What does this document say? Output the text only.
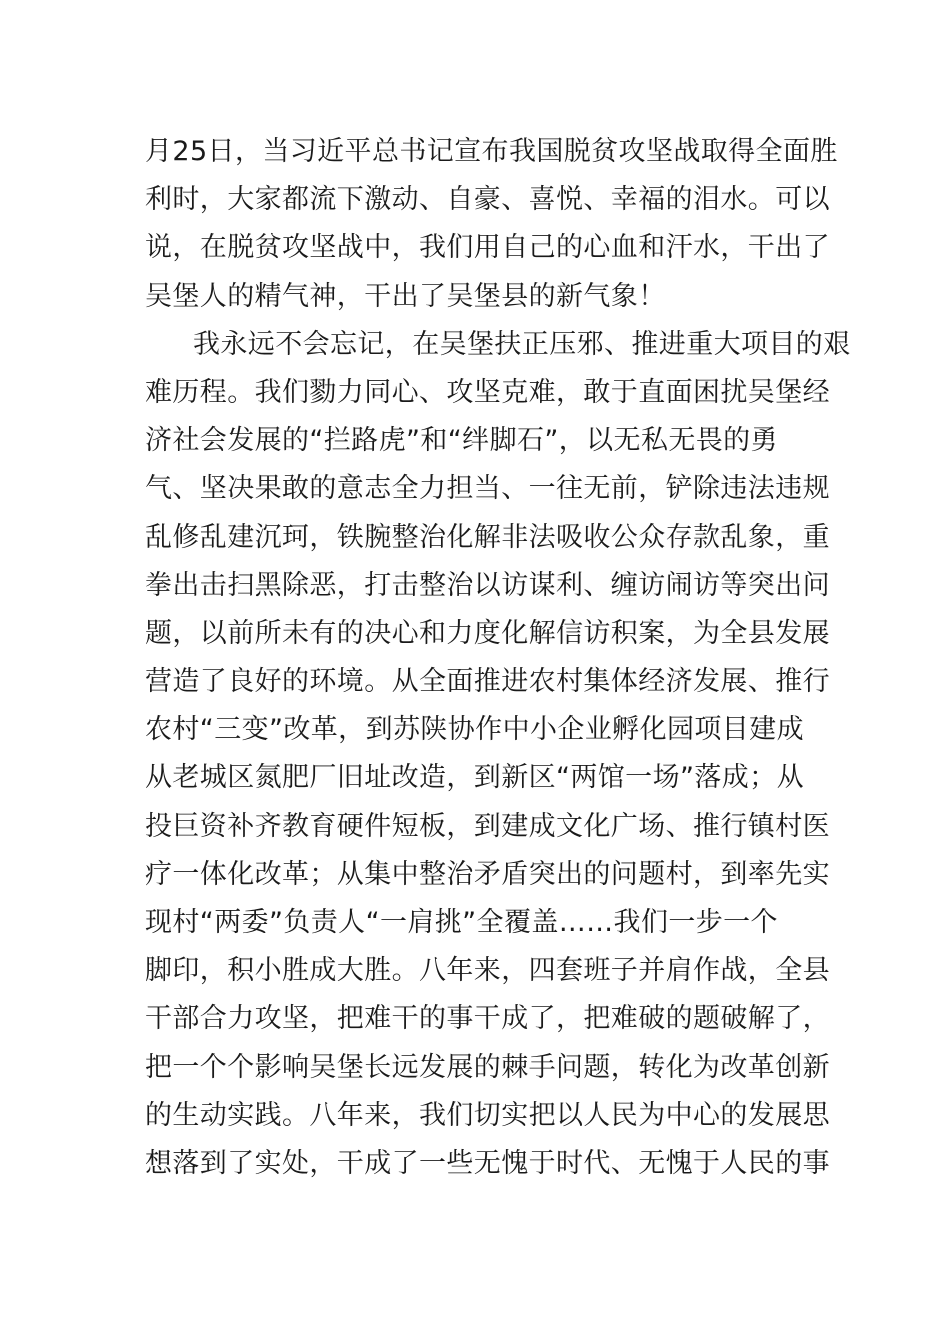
月25日，当习近平总书记宣布我国脱贫攻坚战取得全面胜
利时，大家都流下激动、自豪、喜悦、幸福的泪水。可以
说，在脱贫攻坚战中，我们用自己的心血和汗水，干出了
吴堡人的精气神，干出了吴堡县的新气象！
我永远不会忘记，在吴堡扶正压邪、推进重大项目的艰
难历程。我们勠力同心、攻坚克难，敢于直面困扰吴堡经
济社会发展的“拦路虎”和“绊脚石”，以无私无畏的勇
气、坚决果敢的意志全力担当、一往无前，铲除违法违规
乱修乱建沉珂，铁腕整治化解非法吸收公众存款乱象，重
拳出击扫黑除恶，打击整治以访谋利、缠访闹访等突出问
题，以前所未有的决心和力度化解信访积案，为全县发展
营造了良好的环境。从全面推进农村集体经济发展、推行
农村“三变”改革，到苏陕协作中小企业孵化园项目建成
从老城区氮肥厂旧址改造，到新区“两馆一场”落成；从
投巨资补齐教育硬件短板，到建成文化广场、推行镇村医
疗一体化改革；从集中整治矛盾突出的问题村，到率先实
现村“两委”负责人“一肩挑”全覆盖……我们一步一个
脚印，积小胜成大胜。八年来，四套班子并肩作战，全县
干部合力攻坚，把难干的事干成了，把难破的题破解了，
把一个个影响吴堡长远发展的棘手问题，转化为改革创新
的生动实践。八年来，我们切实把以人民为中心的发展思
想落到了实处，干成了一些无愧于时代、无愧于人民的事
